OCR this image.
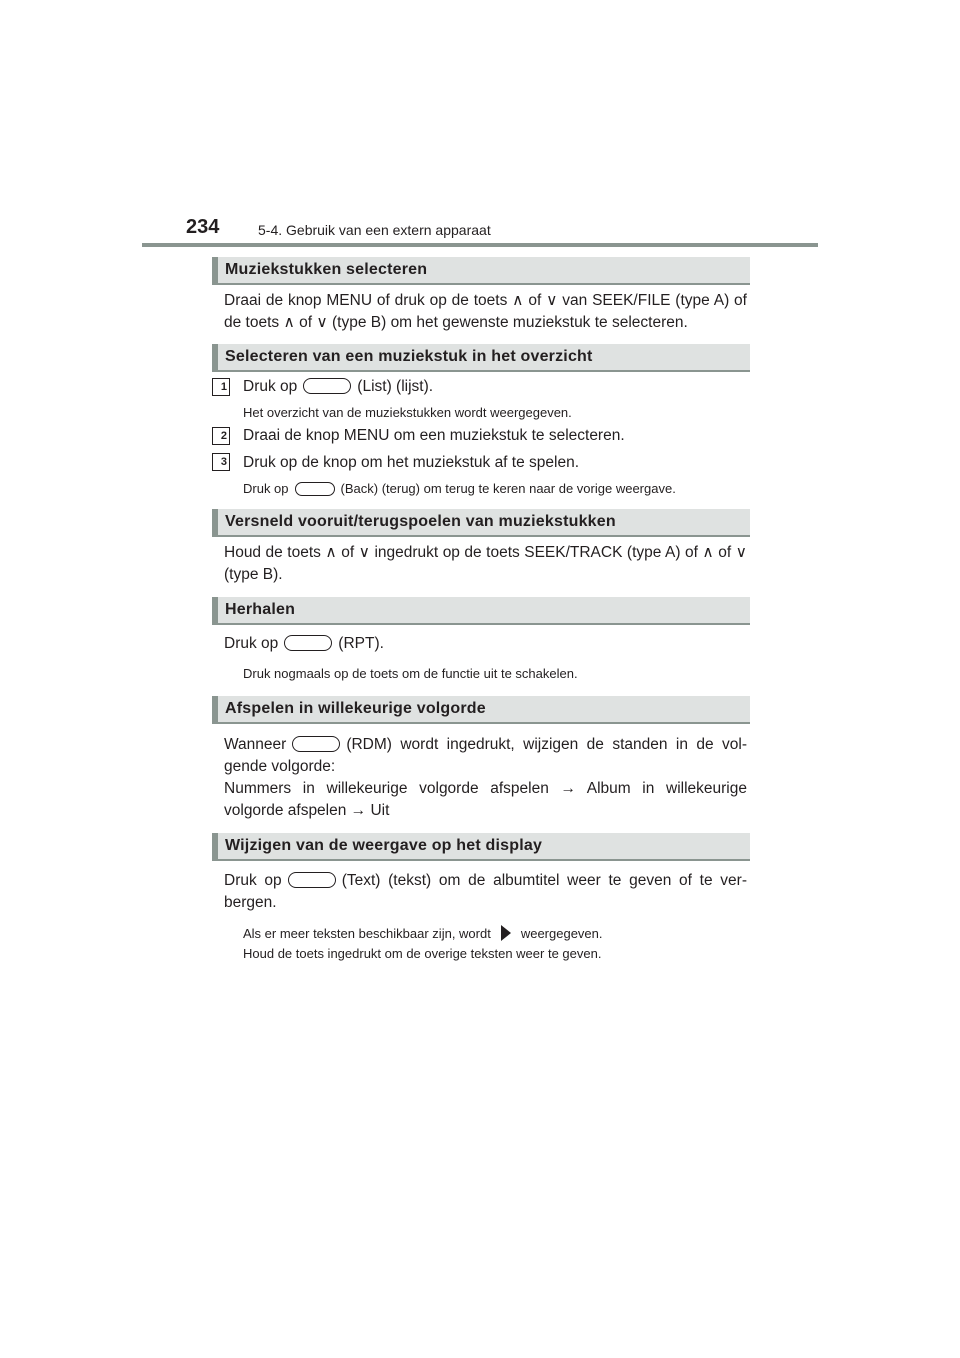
234	5-4. Gebruik van een extern apparaat
Muziekstukken selecteren
Draai de knop MENU of druk op de toets ∧ of ∨ van SEEK/FILE (type A) of de toets ∧ of ∨ (type B) om het gewenste muziekstuk te selecteren.
Selecteren van een muziekstuk in het overzicht
1 Druk op	(List) (lijst).
Het overzicht van de muziekstukken wordt weergegeven.
2 Draai de knop MENU om een muziekstuk te selecteren.
3 Druk op de knop om het muziekstuk af te spelen.
Druk op	(Back) (terug) om terug te keren naar de vorige weergave.
Versneld vooruit/terugspoelen van muziekstukken
Houd de toets ∧ of ∨ ingedrukt op de toets SEEK/TRACK (type A) of ∧ of ∨ (type B).
Herhalen
Druk op	(RPT).
Druk nogmaals op de toets om de functie uit te schakelen.
Afspelen in willekeurige volgorde
Wanneer	(RDM) wordt ingedrukt, wijzigen de standen in de vol-gende volgorde:
Nummers in willekeurige volgorde afspelen → Album in willekeurige volgorde afspelen → Uit
Wijzigen van de weergave op het display
Druk op	(Text) (tekst) om de albumtitel weer te geven of te ver-bergen.
Als er meer teksten beschikbaar zijn, wordt weergegeven.
Houd de toets ingedrukt om de overige teksten weer te geven.
